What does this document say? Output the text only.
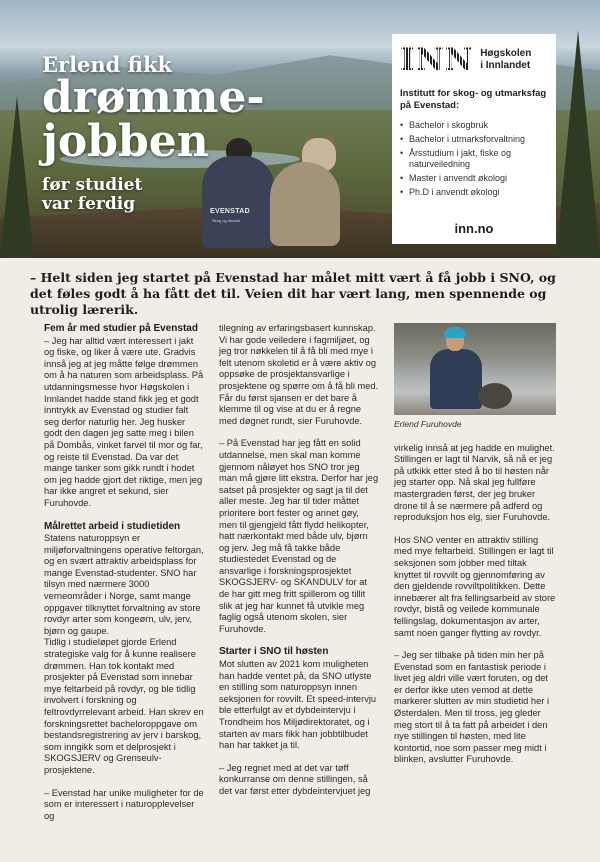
EVENSTAD
Skog og utmark
Erlend fikk
drømme-
jobben
før studiet var ferdig
INN Høgskolen
i Innlandet
Institutt for skog- og utmarksfag på Evenstad:
• Bachelor i skogbruk
• Bachelor i utmarksforvaltning
• Årsstudium i jakt, fiske og naturveiledning
• Master i anvendt økologi
• Ph.D i anvendt økologi
inn.no
– Helt siden jeg startet på Evenstad har målet mitt vært å få jobb i SNO, og det føles godt å ha fått det til. Veien dit har vært lang, men spennende og utrolig lærerik.
Fem år med studier på Evenstad

– Jeg har alltid vært interessert i jakt og fiske, og liker å være ute. Gradvis innså jeg at jeg måtte følge drømmen om å ha naturen som arbeidsplass. På utdanningsmesse hvor Høgskolen i Innlandet hadde stand fikk jeg et godt inntrykk av Evenstad og studier falt seg derfor naturlig her. Jeg husker godt den dagen jeg satte meg i bilen på Dombås, vinket farvel til mor og far, og reiste til Evenstad. Da var det mange tanker som gikk rundt i hodet om jeg hadde gjort det riktige, men jeg har ikke angret et sekund, sier Furuhovde.

Målrettet arbeid i studietiden

Statens naturoppsyn er miljøforvaltningens operative feltorgan, og en svært attraktiv arbeidsplass for mange Evenstad-studenter. SNO har tilsyn med nærmere 3000 verneområder i Norge, samt mange oppgaver tilknyttet forvaltning av store rovdyr arter som kongeørn, ulv, jerv, bjørn og gaupe.

Tidlig i studieløpet gjorde Erlend strategiske valg for å kunne realisere drømmen. Han tok kontakt med prosjekter på Evenstad som innebar mye feltarbeid på rovdyr, og ble tidlig involvert i forskning og feltrovdyrrelevant arbeid. Han skrev en forskningsrettet bacheloroppgave om bestandsregistrering av jerv i barskog, som inngikk som et delprosjekt i SKOGSJERV og Grenseulv-prosjektene.

– Evenstad har unike muligheter for de som er interessert i naturopplevelser og

tilegning av erfaringsbasert kunnskap. Vi har gode veiledere i fagmiljøet, og jeg tror nøkkelen til å få bli med mye i felt utenom skoletid er å være aktiv og oppsøke de prosjektansvarlige i prosjektene og spørre om å få bli med. Får du først sjansen er det bare å klemme til og vise at du er å regne med døgnet rundt, sier Furuhovde.

– På Evenstad har jeg fått en solid utdannelse, men skal man komme gjennom nåløyet hos SNO tror jeg man må gjøre litt ekstra. Derfor har jeg satset på prosjekter og sagt ja til det aller meste. Jeg har til tider måttet prioritere bort fester og annet gøy, men til gjengjeld fått flydd helikopter, hatt nærkontakt med både ulv, bjørn og jerv. Jeg må få takke både studiestedet Evenstad og de ansvarlige i forskningsprosjektet SKOGSJERV- og SKANDULV for at de har gitt meg fritt spillerom og tillit slik at jeg har kunnet få utvikle meg faglig også utenom skolen, sier Furuhovde.

Starter i SNO til høsten

Mot slutten av 2021 kom muligheten han hadde ventet på, da SNO utlyste en stilling som naturoppsyn innen seksjonen for rovvilt. Et speed-intervju ble etterfulgt av et dybdeintervju i Trondheim hos Miljødirektoratet, og i starten av mars fikk han jobbtilbudet han har takket ja til.

– Jeg regnet med at det var tøff konkurranse om denne stillingen, så det var først etter dybdeintervjuet jeg

Erlend Furuhovde

virkelig innså at jeg hadde en mulighet. Stillingen er lagt til Narvik, så nå er jeg på utkikk etter sted å bo til høsten når jeg starter opp. Nå skal jeg fullføre mastergraden først, der jeg bruker drone til å se nærmere på adferd og reproduksjon hos elg, sier Furuhovde.

Hos SNO venter en attraktiv stilling med mye feltarbeid. Stillingen er lagt til seksjonen som jobber med tiltak knyttet til rovvilt og gjennomføring av den gjeldende rovviltpolitikken. Dette innebærer alt fra fellingsarbeid av store rovdyr, bistå og veilede kommunale fellingslag, dokumentasjon av arter, samt noen ganger flytting av rovdyr.

– Jeg ser tilbake på tiden min her på Evenstad som en fantastisk periode i livet jeg aldri ville vært foruten, og det er derfor ikke uten vemod at dette markerer slutten av min studietid her i Østerdalen. Men til tross, jeg gleder meg stort til å ta fatt på arbeidet i den nye stillingen til høsten, med lite kontortid, noe som passer meg midt i blinken, avslutter Furuhovde.
